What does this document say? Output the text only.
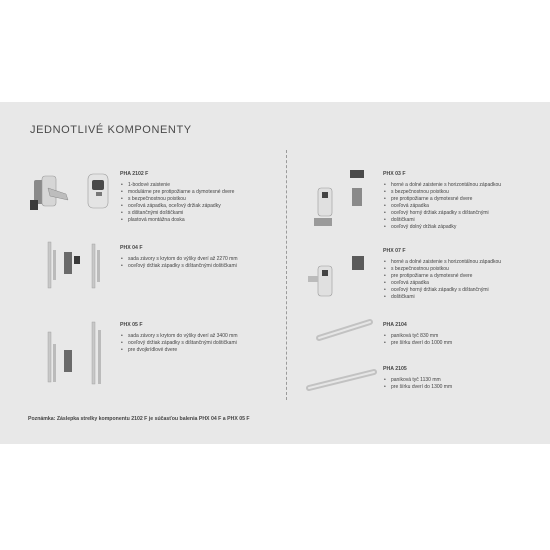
JEDNOTLIVÉ KOMPONENTY
PHA 2102 F
• 1-bodové zaistenie
• modulárne pre protipožiarne a dymotesné dvere
• s bezpečnostnou poistkou
• oceľová západka, oceľový držiak západky
• s dištančnými doštičkami
• plastová montážna doska
PHX 04 F
• sada závory s krytom do výšky dverí až 2270 mm
• oceľový držiak západky s dištančnými doštičkami
PHX 05 F
• sada závory s krytom do výšky dverí až 3400 mm
• oceľový držiak západky s dištančnými doštičkami
• pre dvojkrídlové dvere
PHX 03 F
• horné a dolné zaistenie s horizontálnou západkou
• s bezpečnostnou poistkou
• pre protipožiarne a dymotesné dvere
• oceľová západka
• oceľový horný držiak západky s dištančnými
• doštičkami
• oceľový dolný držiak západky
PHX 07 F
• horné a dolné zaistenie s horizontálnou západkou
• s bezpečnostnou poistkou
• pre protipožiarne a dymotesné dvere
• oceľová západka
• oceľový horný držiak západky s dištančnými
• doštičkami
PHA 2104
• paniková tyč 830 mm
• pre šírku dverí do 1000 mm
PHA 2105
• paniková tyč 1130 mm
• pre šírku dverí do 1300 mm
Poznámka: Záslepka strelky komponentu 2102 F je súčasťou balenia PHX 04 F a PHX 05 F
